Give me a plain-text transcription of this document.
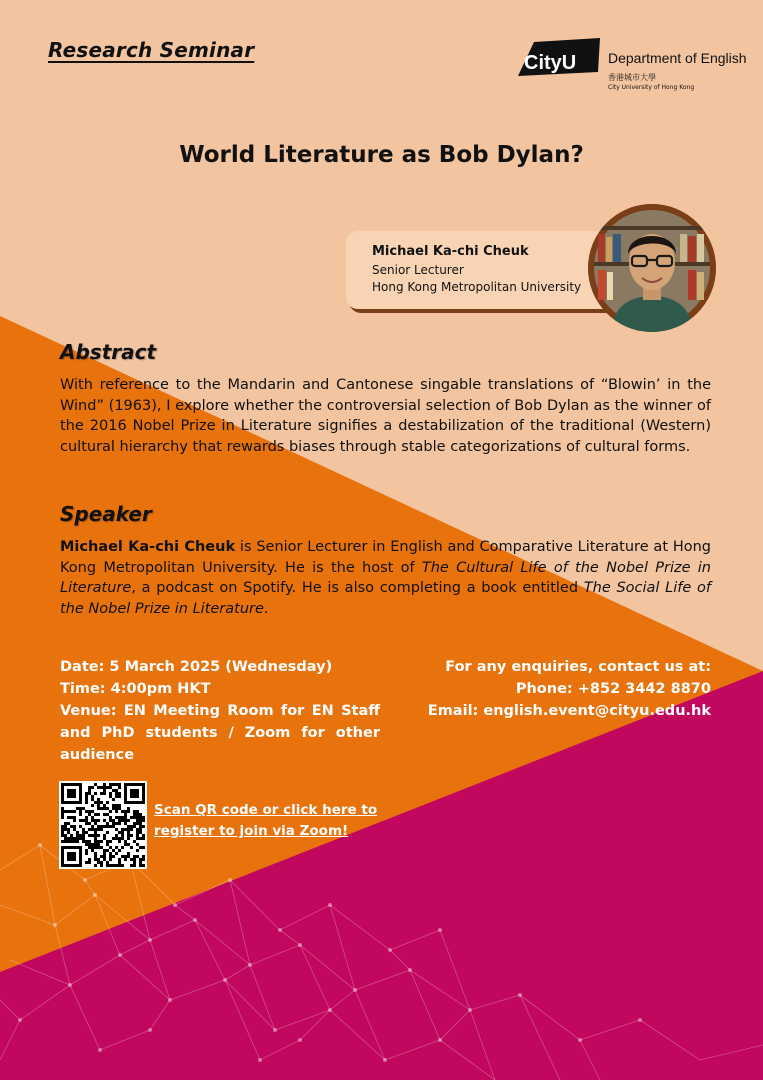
Research Seminar
CityU Department of English
香港城市大學
City University of Hong Kong
World Literature as Bob Dylan?
Michael Ka-chi Cheuk
Senior Lecturer
Hong Kong Metropolitan University
Abstract
With reference to the Mandarin and Cantonese singable translations of “Blowin’ in the Wind” (1963), I explore whether the controversial selection of Bob Dylan as the winner of the 2016 Nobel Prize in Literature signifies a destabilization of the traditional (Western) cultural hierarchy that rewards biases through stable categorizations of cultural forms.
Speaker
Michael Ka-chi Cheuk is Senior Lecturer in English and Comparative Literature at Hong Kong Metropolitan University. He is the host of The Cultural Life of the Nobel Prize in Literature, a podcast on Spotify. He is also completing a book entitled The Social Life of the Nobel Prize in Literature.
Date: 5 March 2025 (Wednesday)
Time: 4:00pm HKT
Venue: EN Meeting Room for EN Staff and PhD students / Zoom for other audience
For any enquiries, contact us at:
Phone: +852 3442 8870
Email: english.event@cityu.edu.hk
Scan QR code or click here to register to join via Zoom!
